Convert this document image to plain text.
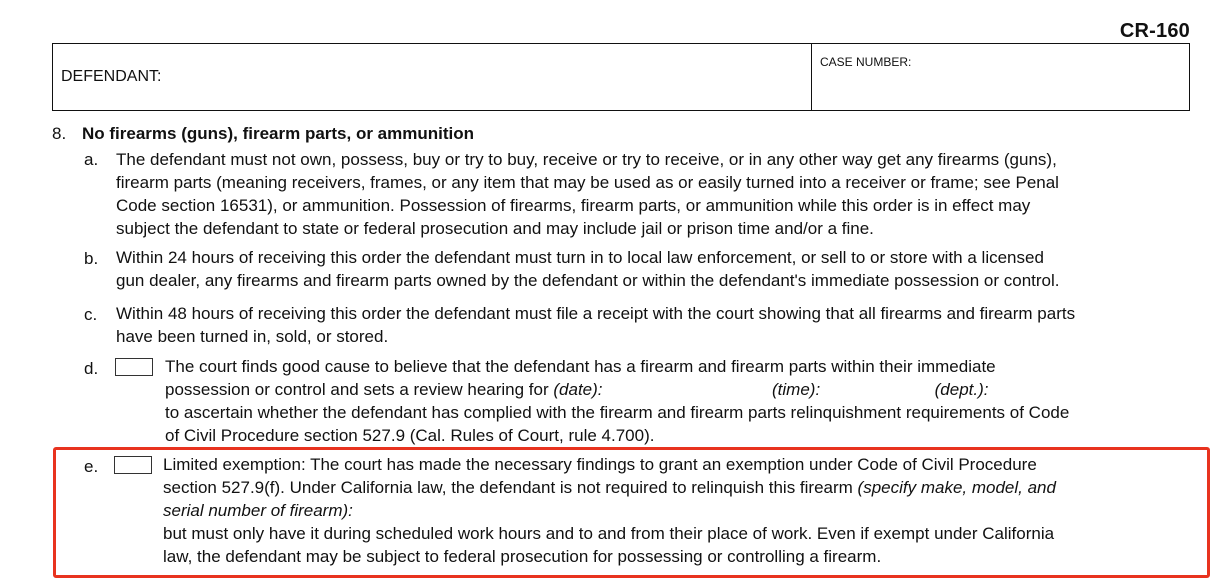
CR-160
DEFENDANT:
CASE NUMBER:
8. No firearms (guns), firearm parts, or ammunition
a. The defendant must not own, possess, buy or try to buy, receive or try to receive, or in any other way get any firearms (guns),
firearm parts (meaning receivers, frames, or any item that may be used as or easily turned into a receiver or frame; see Penal
Code section 16531), or ammunition. Possession of firearms, firearm parts, or ammunition while this order is in effect may
subject the defendant to state or federal prosecution and may include jail or prison time and/or a fine.
b. Within 24 hours of receiving this order the defendant must turn in to local law enforcement, or sell to or store with a licensed
gun dealer, any firearms and firearm parts owned by the defendant or within the defendant's immediate possession or control.
c. Within 48 hours of receiving this order the defendant must file a receipt with the court showing that all firearms and firearm parts
have been turned in, sold, or stored.
d.	The court finds good cause to believe that the defendant has a firearm and firearm parts within their immediate
possession or control and sets a review hearing for (date):	(time):	(dept.):
to ascertain whether the defendant has complied with the firearm and firearm parts relinquishment requirements of Code
of Civil Procedure section 527.9 (Cal. Rules of Court, rule 4.700).
e.	Limited exemption: The court has made the necessary findings to grant an exemption under Code of Civil Procedure
section 527.9(f). Under California law, the defendant is not required to relinquish this firearm (specify make, model, and
serial number of firearm):
but must only have it during scheduled work hours and to and from their place of work. Even if exempt under California
law, the defendant may be subject to federal prosecution for possessing or controlling a firearm.
